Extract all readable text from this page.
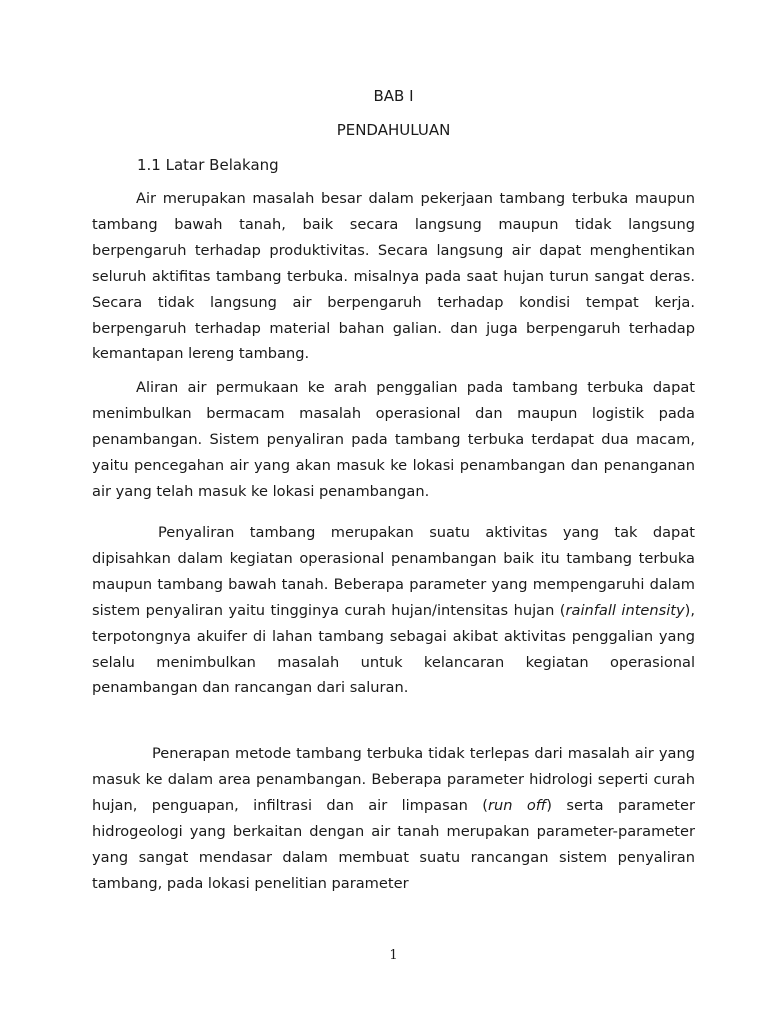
BAB I
PENDAHULUAN
1.1 Latar Belakang

Air merupakan masalah besar dalam pekerjaan tambang terbuka maupun tambang bawah tanah, baik secara langsung maupun tidak langsung berpengaruh terhadap produktivitas. Secara langsung air dapat menghentikan seluruh aktifitas tambang terbuka. misalnya pada saat hujan turun sangat deras. Secara tidak langsung air berpengaruh terhadap kondisi tempat kerja. berpengaruh terhadap material bahan galian. dan juga berpengaruh terhadap kemantapan lereng tambang.

Aliran air permukaan ke arah penggalian pada tambang terbuka dapat menimbulkan bermacam masalah operasional dan maupun logistik pada penambangan. Sistem penyaliran pada tambang terbuka terdapat dua macam, yaitu pencegahan air yang akan masuk ke lokasi penambangan dan penanganan air yang telah masuk ke lokasi penambangan.

Penyaliran tambang merupakan suatu aktivitas yang tak dapat dipisahkan dalam kegiatan operasional penambangan baik itu tambang terbuka maupun tambang bawah tanah. Beberapa parameter yang mempengaruhi dalam sistem penyaliran yaitu tingginya curah hujan/intensitas hujan (rainfall intensity), terpotongnya akuifer di lahan tambang sebagai akibat aktivitas penggalian yang selalu menimbulkan masalah untuk kelancaran kegiatan operasional penambangan dan rancangan dari saluran.

Penerapan metode tambang terbuka tidak terlepas dari masalah air yang masuk ke dalam area penambangan. Beberapa parameter hidrologi seperti curah hujan, penguapan, infiltrasi dan air limpasan (run off) serta parameter hidrogeologi yang berkaitan dengan air tanah merupakan parameter-parameter yang sangat mendasar dalam membuat suatu rancangan sistem penyaliran tambang, pada lokasi penelitian parameter

1
